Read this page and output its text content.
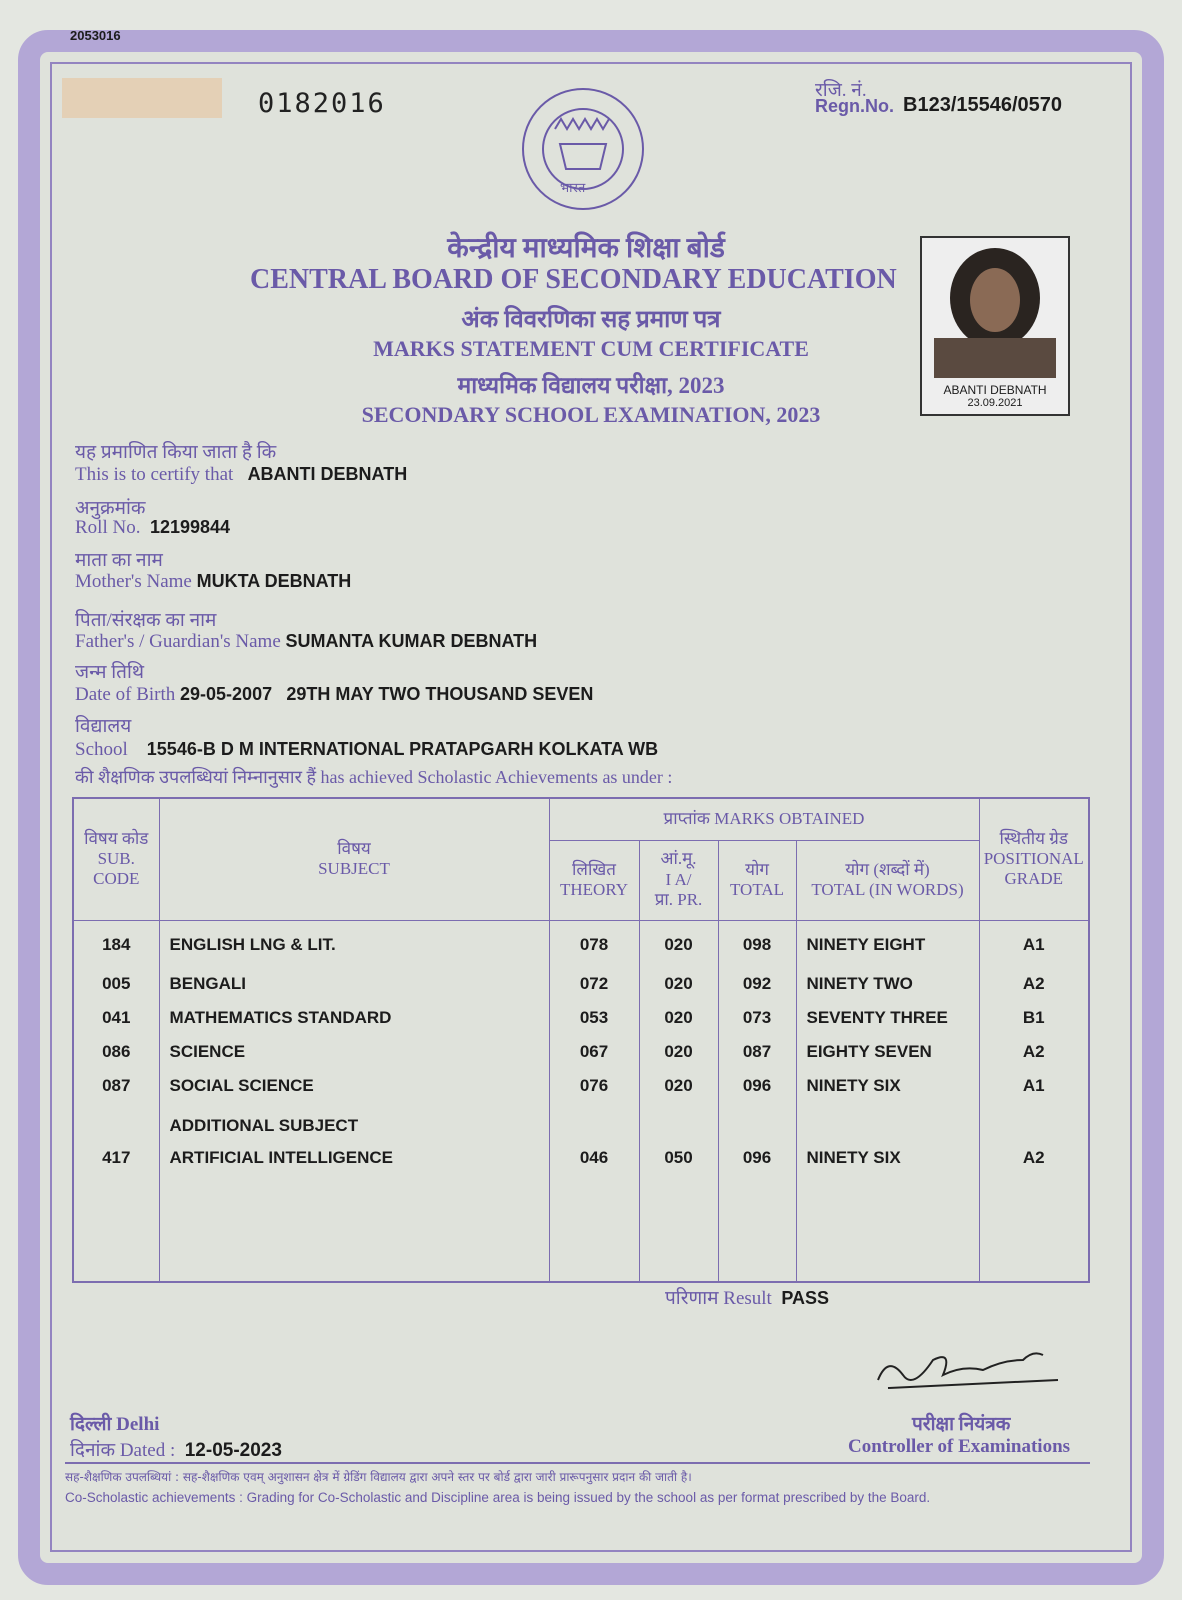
2053016
0182016	रजि. नं.
Regn.No. B123/15546/0570
भारत
केन्द्रीय माध्यमिक शिक्षा बोर्ड
CENTRAL BOARD OF SECONDARY EDUCATION
अंक विवरणिका सह प्रमाण पत्र
MARKS STATEMENT CUM CERTIFICATE
माध्यमिक विद्यालय परीक्षा, 2023
SECONDARY SCHOOL EXAMINATION, 2023
ABANTI DEBNATH
23.09.2021
यह प्रमाणित किया जाता है कि
This is to certify that ABANTI DEBNATH
अनुक्रमांक
Roll No. 12199844
माता का नाम
Mother's Name MUKTA DEBNATH
पिता/संरक्षक का नाम
Father's / Guardian's Name SUMANTA KUMAR DEBNATH
जन्म तिथि
Date of Birth 29-05-2007 29TH MAY TWO THOUSAND SEVEN
विद्यालय
School 15546-B D M INTERNATIONAL PRATAPGARH KOLKATA WB
की शैक्षणिक उपलब्धियां निम्नानुसार हैं has achieved Scholastic Achievements as under :
विषय कोड
SUB. CODE	विषय
SUBJECT	प्राप्तांक MARKS OBTAINED				स्थितीय ग्रेड
POSITIONAL GRADE
		लिखित
THEORY	आं.मू.
I A/
प्रा. PR.	योग
TOTAL	योग (शब्दों में)
TOTAL (IN WORDS)	
184	ENGLISH LNG & LIT.	078	020	098	NINETY EIGHT	A1
005	BENGALI	072	020	092	NINETY TWO	A2
041	MATHEMATICS STANDARD	053	020	073	SEVENTY THREE	B1
086	SCIENCE	067	020	087	EIGHTY SEVEN	A2
087	SOCIAL SCIENCE	076	020	096	NINETY SIX	A1
	ADDITIONAL SUBJECT					
417	ARTIFICIAL INTELLIGENCE	046	050	096	NINETY SIX	A2
परिणाम Result PASS
दिल्ली Delhi
दिनांक Dated : 12-05-2023
परीक्षा नियंत्रक
Controller of Examinations
सह-शैक्षणिक उपलब्धियां : सह-शैक्षणिक एवम् अनुशासन क्षेत्र में ग्रेडिंग विद्यालय द्वारा अपने स्तर पर बोर्ड द्वारा जारी प्रारूपनुसार प्रदान की जाती है।
Co-Scholastic achievements : Grading for Co-Scholastic and Discipline area is being issued by the school as per format prescribed by the Board.
